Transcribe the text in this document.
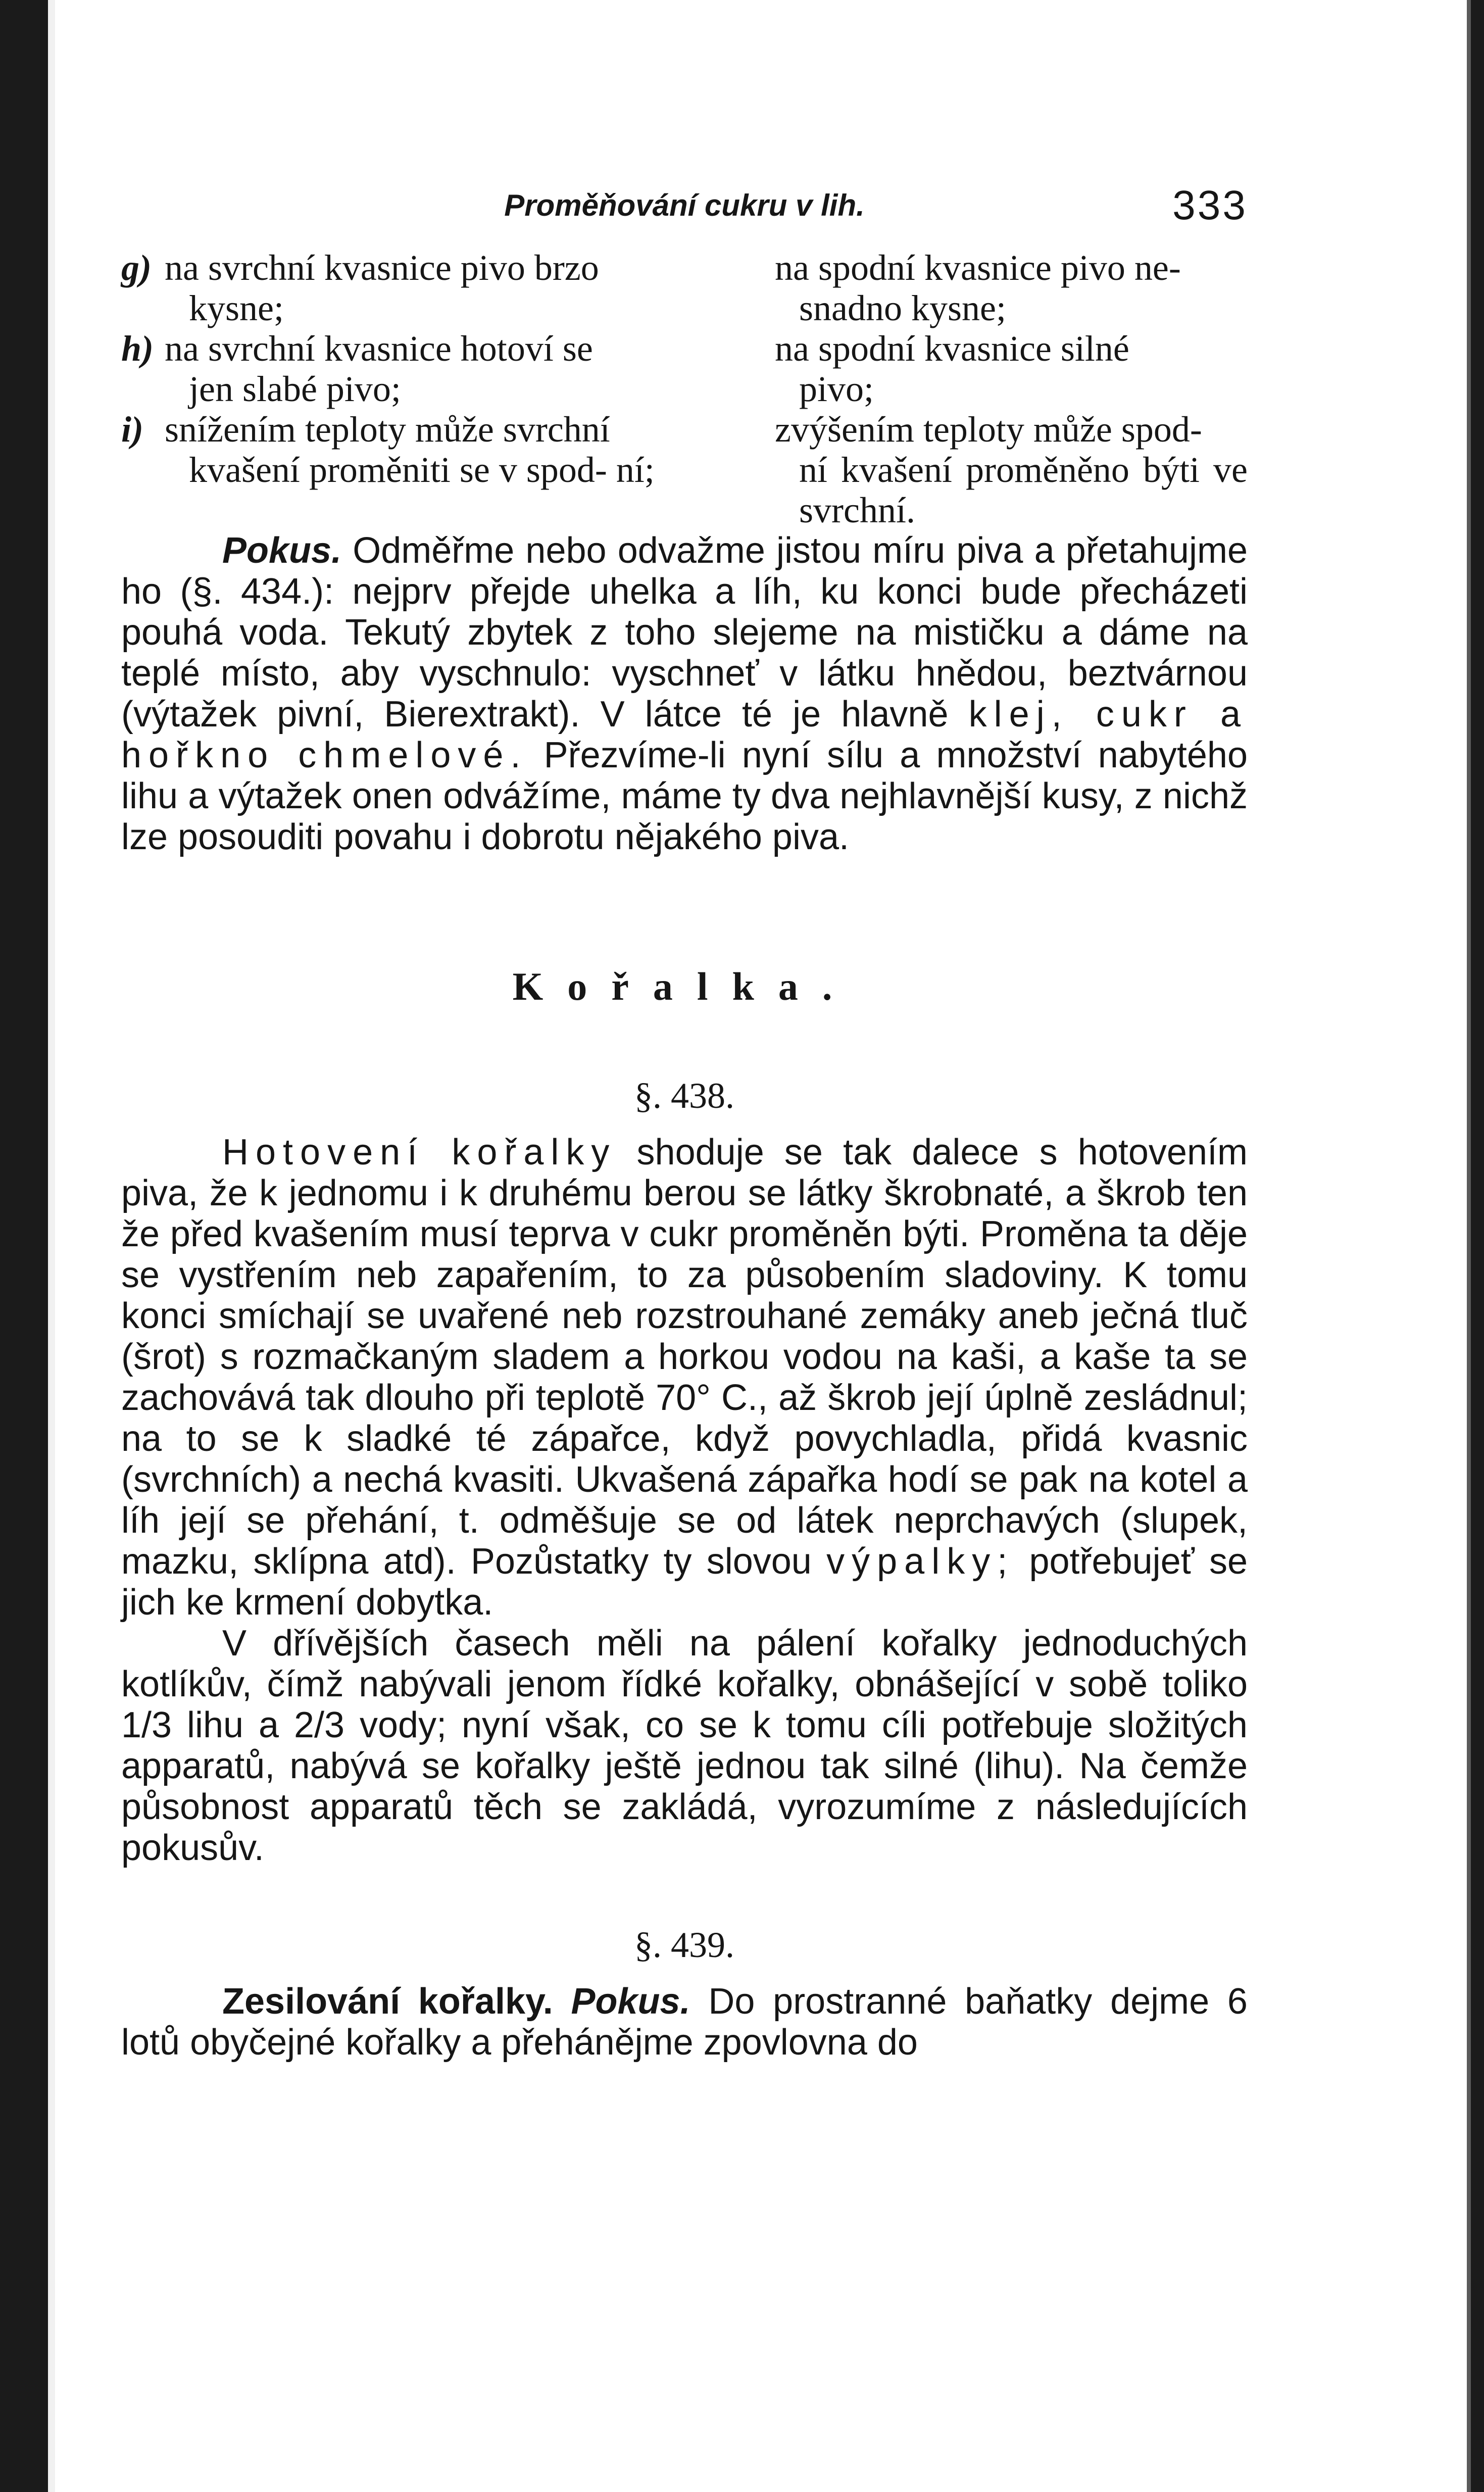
Proměňování cukru v lih.	333
g) na svrchní kvasnice pivo brzo
kysne;
na spodní kvasnice pivo ne-
snadno kysne;
h) na svrchní kvasnice hotoví se
jen slabé pivo;
na spodní kvasnice silné
pivo;
i) snížením teploty může svrchní
kvašení proměniti se v spod- ní;
zvýšením teploty může spod-
ní kvašení proměněno býti ve svrchní.

Pokus. Odměřme nebo odvažme jistou míru piva a přetahujme ho (§. 434.): nejprv přejde uhelka a líh, ku konci bude přecházeti pouhá voda. Tekutý zbytek z toho slejeme na mističku a dáme na teplé místo, aby vyschnulo: vyschneť v látku hnědou, beztvárnou (výtažek pivní, Bierextrakt). V látce té je hlavně klej, cukr a hořkno chmelové. Přezvíme-li nyní sílu a množství nabytého lihu a výtažek onen odvážíme, máme ty dva nejhlavnější kusy, z nichž lze posouditi povahu i dobrotu nějakého piva.

Kořalka.
§. 438.

Hotovení kořalky shoduje se tak dalece s hotovením piva, že k jednomu i k druhému berou se látky škrobnaté, a škrob ten že před kvašením musí teprva v cukr proměněn býti. Proměna ta děje se vystřením neb zapařením, to za působením sladoviny. K tomu konci smíchají se uvařené neb rozstrouhané zemáky aneb ječná tluč (šrot) s rozmačkaným sladem a horkou vodou na kaši, a kaše ta se zachovává tak dlouho při teplotě 70° C., až škrob její úplně zesládnul; na to se k sladké té zápařce, když povychladla, přidá kvasnic (svrchních) a nechá kvasiti. Ukvašená zápařka hodí se pak na kotel a líh její se přehání, t. odměšuje se od látek neprchavých (slupek, mazku, sklípna atd). Pozůstatky ty slovou výpalky; potřebujeť se jich ke krmení dobytka.

V dřívějších časech měli na pálení kořalky jednoduchých kotlíkův, čímž nabývali jenom řídké kořalky, obnášející v sobě toliko 1/3 lihu a 2/3 vody; nyní však, co se k tomu cíli potřebuje složitých apparatů, nabývá se kořalky ještě jednou tak silné (lihu). Na čemže působnost apparatů těch se zakládá, vyrozumíme z následujících pokusův.

§. 439.

Zesilování kořalky. Pokus. Do prostranné baňatky dejme 6 lotů obyčejné kořalky a přehánějme zpovlovna do
